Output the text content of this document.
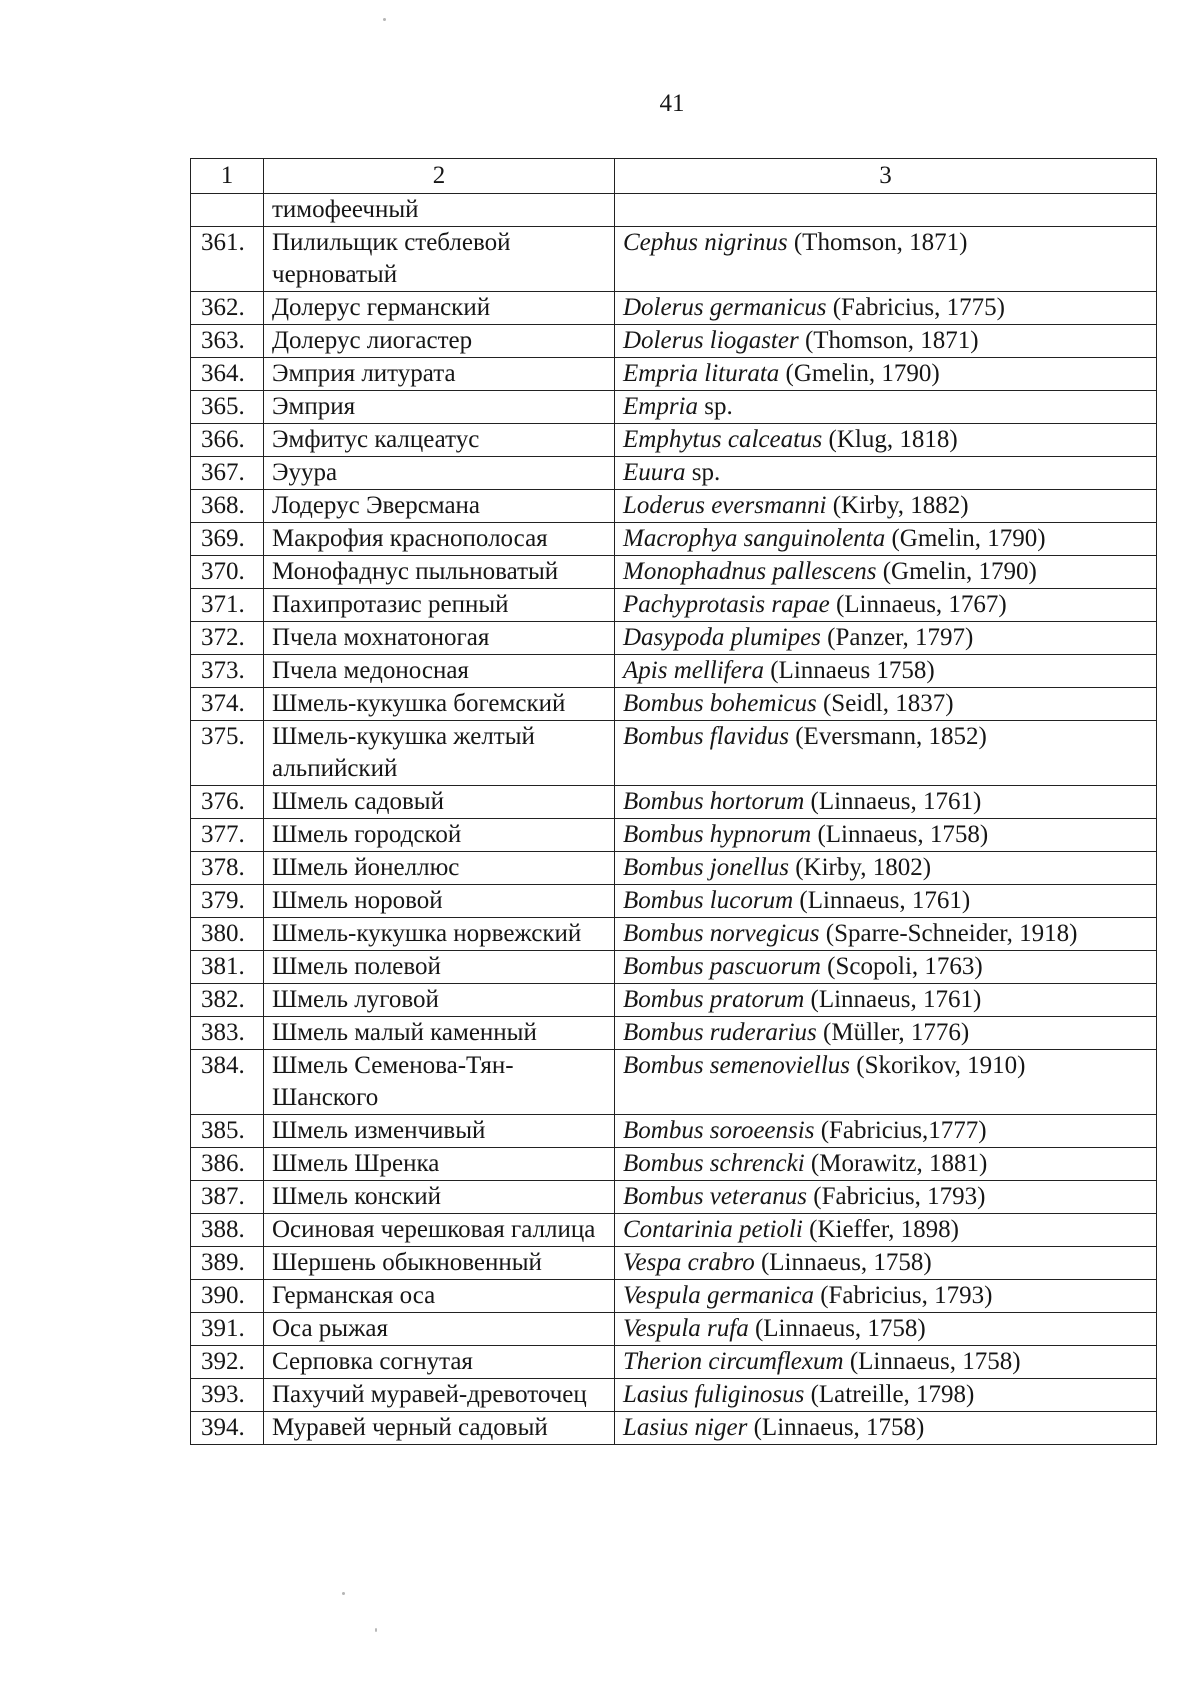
41
1	2	3
	тимофеечный	
361.	Пилильщик стеблевой черноватый	Cephus nigrinus (Thomson, 1871)
362.	Долерус германский	Dolerus germanicus (Fabricius, 1775)
363.	Долерус лиогастер	Dolerus liogaster (Thomson, 1871)
364.	Эмприя литурата	Empria liturata (Gmelin, 1790)
365.	Эмприя	Empria sp.
366.	Эмфитус калцеатус	Emphytus calceatus (Klug, 1818)
367.	Эуура	Euura sp.
368.	Лодерус Эверсмана	Loderus eversmanni (Kirby, 1882)
369.	Макрофия краснополосая	Macrophya sanguinolenta (Gmelin, 1790)
370.	Монофаднус пыльноватый	Monophadnus pallescens (Gmelin, 1790)
371.	Пахипротазис репный	Pachyprotasis rapae (Linnaeus, 1767)
372.	Пчела мохнатоногая	Dasypoda plumipes (Panzer, 1797)
373.	Пчела медоносная	Apis mellifera (Linnaeus 1758)
374.	Шмель-кукушка богемский	Bombus bohemicus (Seidl, 1837)
375.	Шмель-кукушка желтый альпийский	Bombus flavidus (Eversmann, 1852)
376.	Шмель садовый	Bombus hortorum (Linnaeus, 1761)
377.	Шмель городской	Bombus hypnorum (Linnaeus, 1758)
378.	Шмель йонеллюс	Bombus jonellus (Kirby, 1802)
379.	Шмель норовой	Bombus lucorum (Linnaeus, 1761)
380.	Шмель-кукушка норвежский	Bombus norvegicus (Sparre-Schneider, 1918)
381.	Шмель полевой	Bombus pascuorum (Scopoli, 1763)
382.	Шмель луговой	Bombus pratorum (Linnaeus, 1761)
383.	Шмель малый каменный	Bombus ruderarius (Müller, 1776)
384.	Шмель Семенова-Тян-Шанского	Bombus semenoviellus (Skorikov, 1910)
385.	Шмель изменчивый	Bombus soroeensis (Fabricius,1777)
386.	Шмель Шренка	Bombus schrencki (Morawitz, 1881)
387.	Шмель конский	Bombus veteranus (Fabricius, 1793)
388.	Осиновая черешковая галлица	Contarinia petioli (Kieffer, 1898)
389.	Шершень обыкновенный	Vespa crabro (Linnaeus, 1758)
390.	Германская оса	Vespula germanica (Fabricius, 1793)
391.	Оса рыжая	Vespula rufa (Linnaeus, 1758)
392.	Серповка согнутая	Therion circumflexum (Linnaeus, 1758)
393.	Пахучий муравей-древоточец	Lasius fuliginosus (Latreille, 1798)
394.	Муравей черный садовый	Lasius niger (Linnaeus, 1758)
